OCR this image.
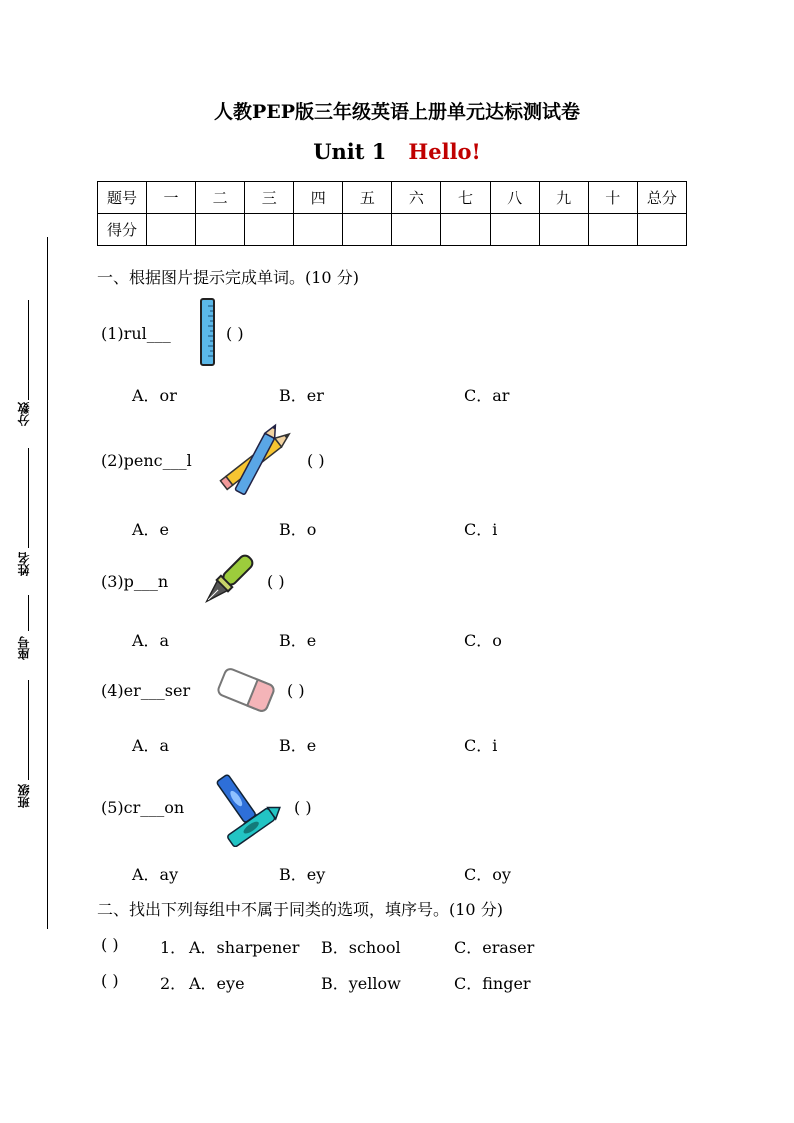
人教PEP版三年级英语上册单元达标测试卷
Unit 1 Hello!
题号	一	二	三	四	五	六	七	八	九	十	总分
得分											
分数
姓名
座号
班级
一、根据图片提示完成单词。(10 分)
(1)rul___	( )
A．or	B．er	C．ar
(2)penc___l	( )
A．e	B．o	C．i
(3)p___n	( )
A．a	B．e	C．o
(4)er___ser	( )
A．a	B．e	C．i
(5)cr___on	( )
A．ay	B．ey	C．oy
二、找出下列每组中不属于同类的选项，填序号。(10 分)
( )	1． A．sharpener B．school	C．eraser
( )	2． A．eye	B．yellow	C．finger
